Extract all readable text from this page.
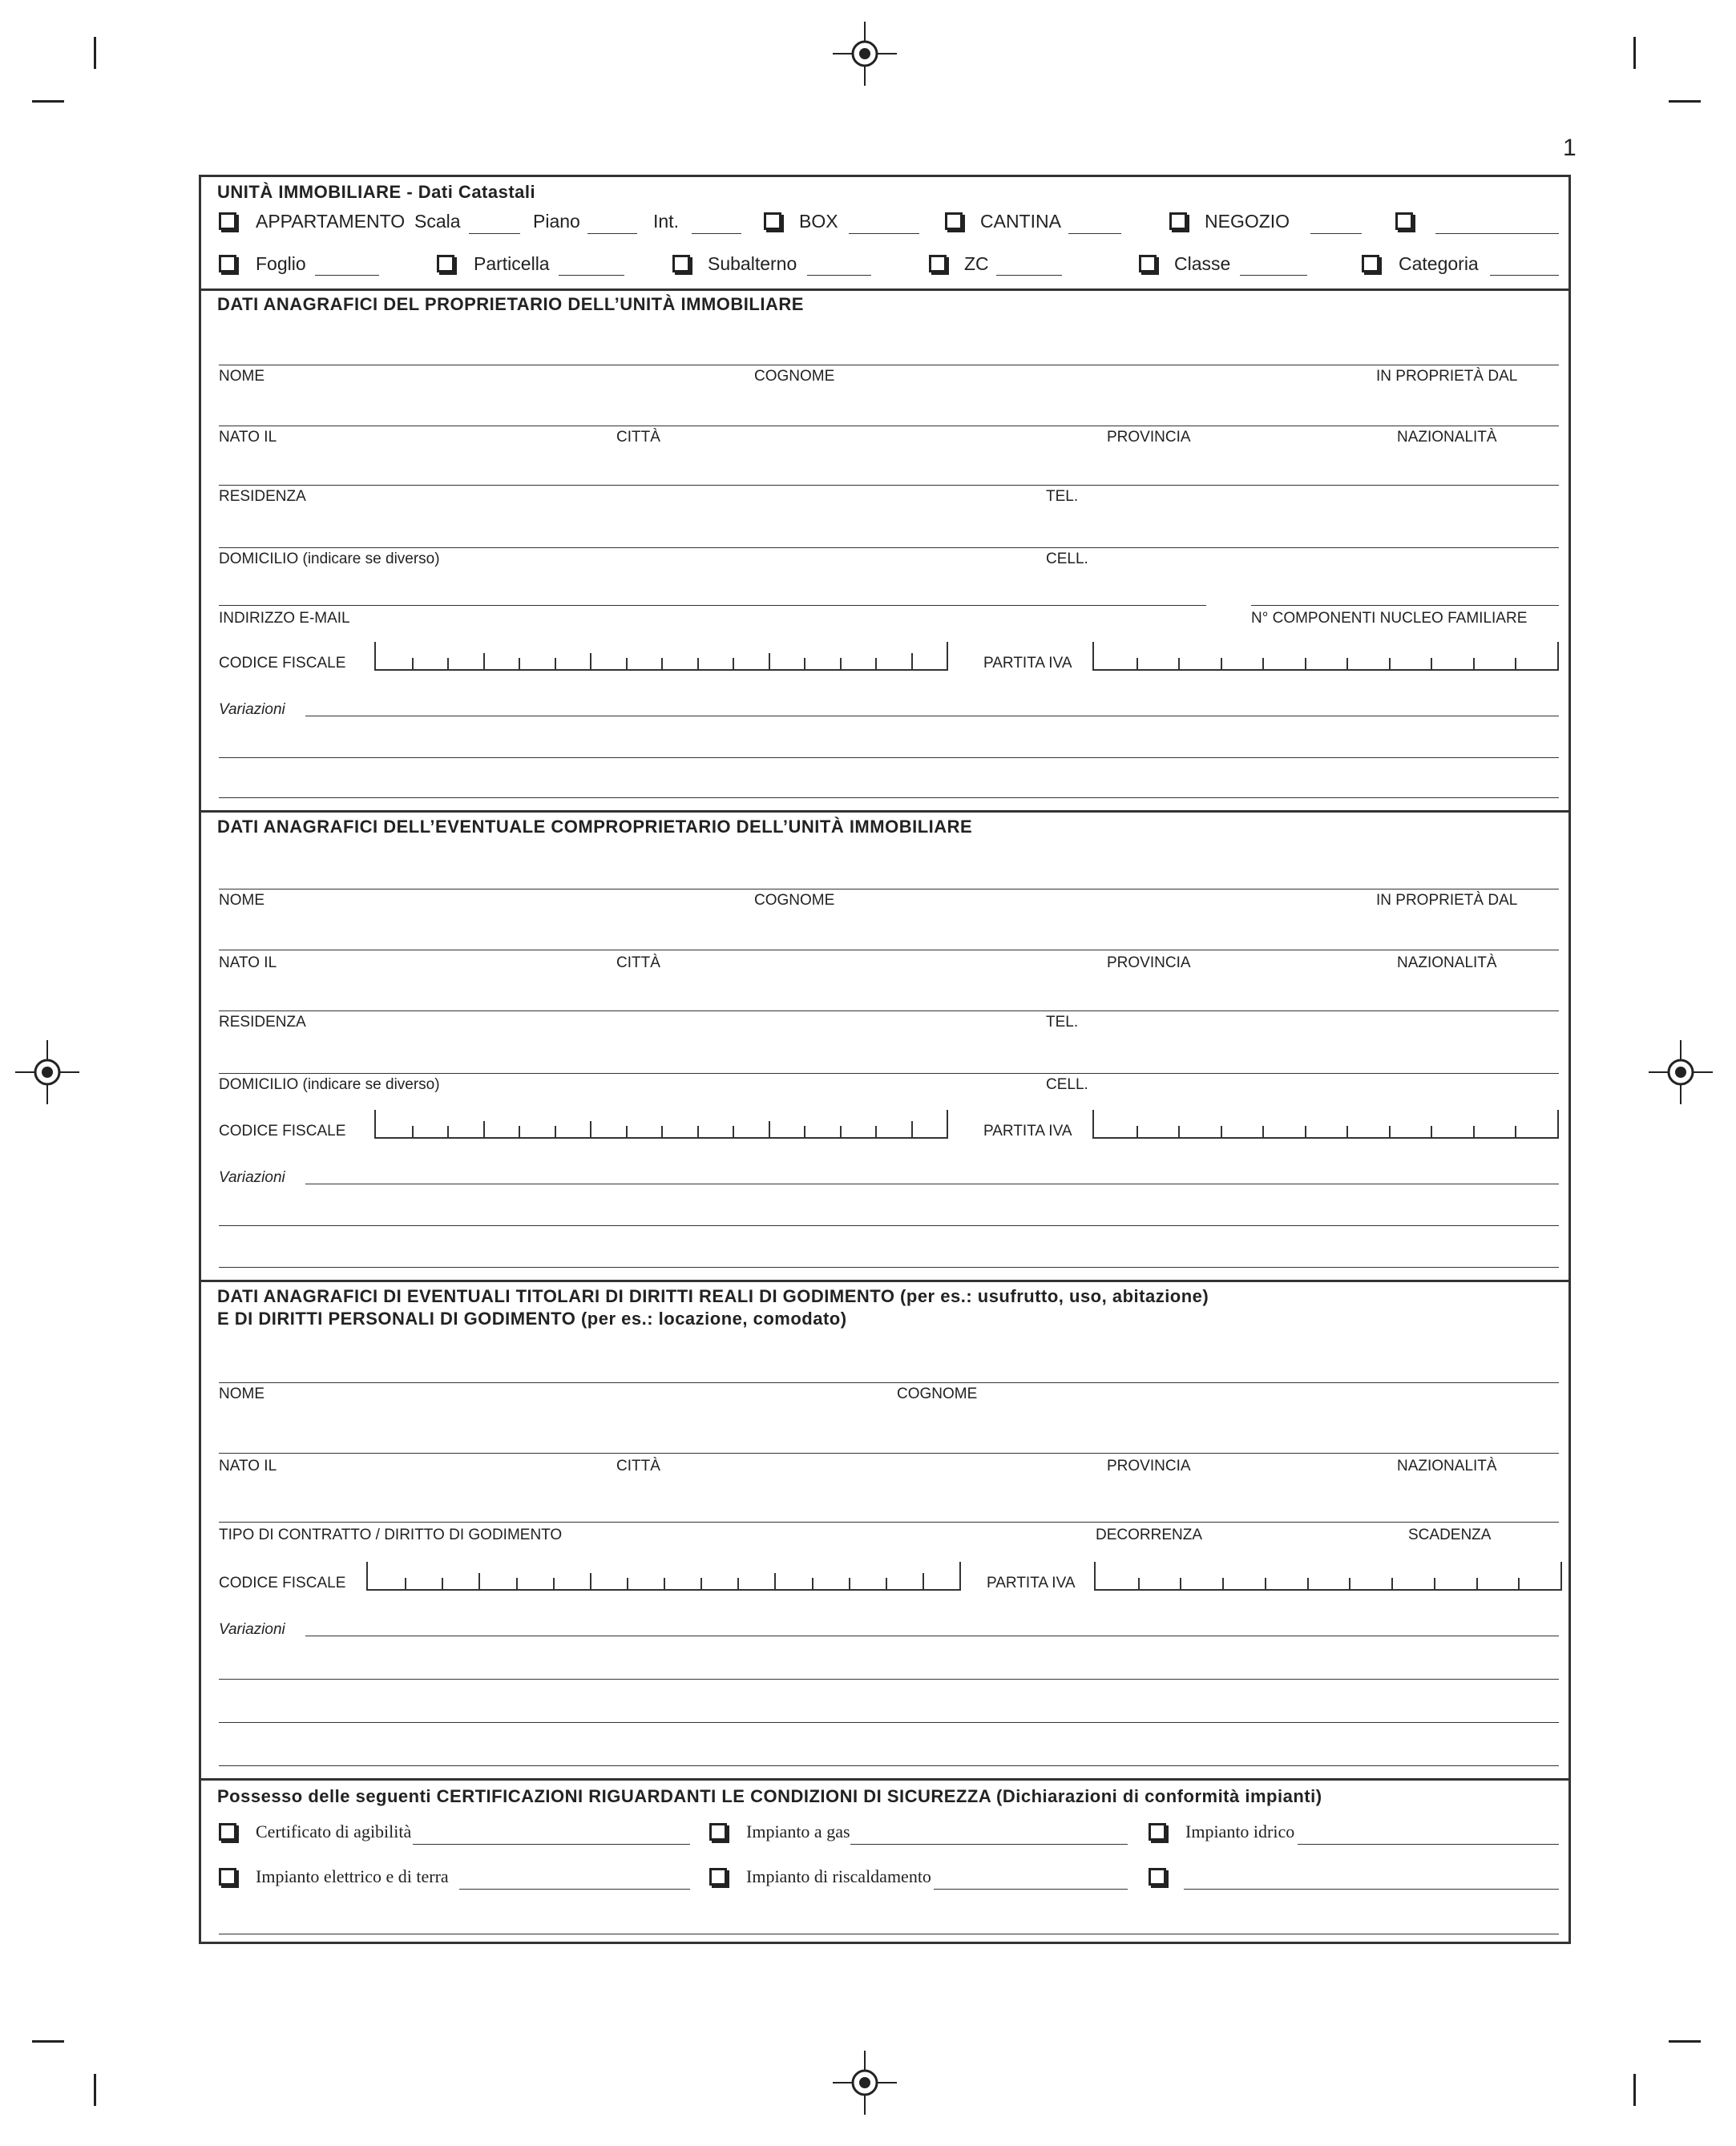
1
UNITÀ IMMOBILIARE - Dati Catastali
APPARTAMENTO Scala	Piano	Int.	BOX	CANTINA	NEGOZIO
Foglio	Particella	Subalterno	ZC	Classe	Categoria
DATI ANAGRAFICI DEL PROPRIETARIO DELL’UNITÀ IMMOBILIARE
NOME	COGNOME	IN PROPRIETÀ DAL
NATO IL	CITTÀ	PROVINCIA	NAZIONALITÀ
RESIDENZA	TEL.
DOMICILIO (indicare se diverso)	CELL.
INDIRIZZO E-MAIL	N° COMPONENTI NUCLEO FAMILIARE
CODICE FISCALE	PARTITA IVA
Variazioni
DATI ANAGRAFICI DELL’EVENTUALE COMPROPRIETARIO DELL’UNITÀ IMMOBILIARE
NOME	COGNOME	IN PROPRIETÀ DAL
NATO IL	CITTÀ	PROVINCIA	NAZIONALITÀ
RESIDENZA	TEL.
DOMICILIO (indicare se diverso)	CELL.
CODICE FISCALE	PARTITA IVA
Variazioni
DATI ANAGRAFICI DI EVENTUALI TITOLARI DI DIRITTI REALI DI GODIMENTO (per es.: usufrutto, uso, abitazione)
E DI DIRITTI PERSONALI DI GODIMENTO (per es.: locazione, comodato)
NOME	COGNOME
NATO IL	CITTÀ	PROVINCIA	NAZIONALITÀ
TIPO DI CONTRATTO / DIRITTO DI GODIMENTO	DECORRENZA	SCADENZA
CODICE FISCALE	PARTITA IVA
Variazioni
Possesso delle seguenti CERTIFICAZIONI RIGUARDANTI LE CONDIZIONI DI SICUREZZA (Dichiarazioni di conformità impianti)
Certificato di agibilità	Impianto a gas	Impianto idrico
Impianto elettrico e di terra	Impianto di riscaldamento
